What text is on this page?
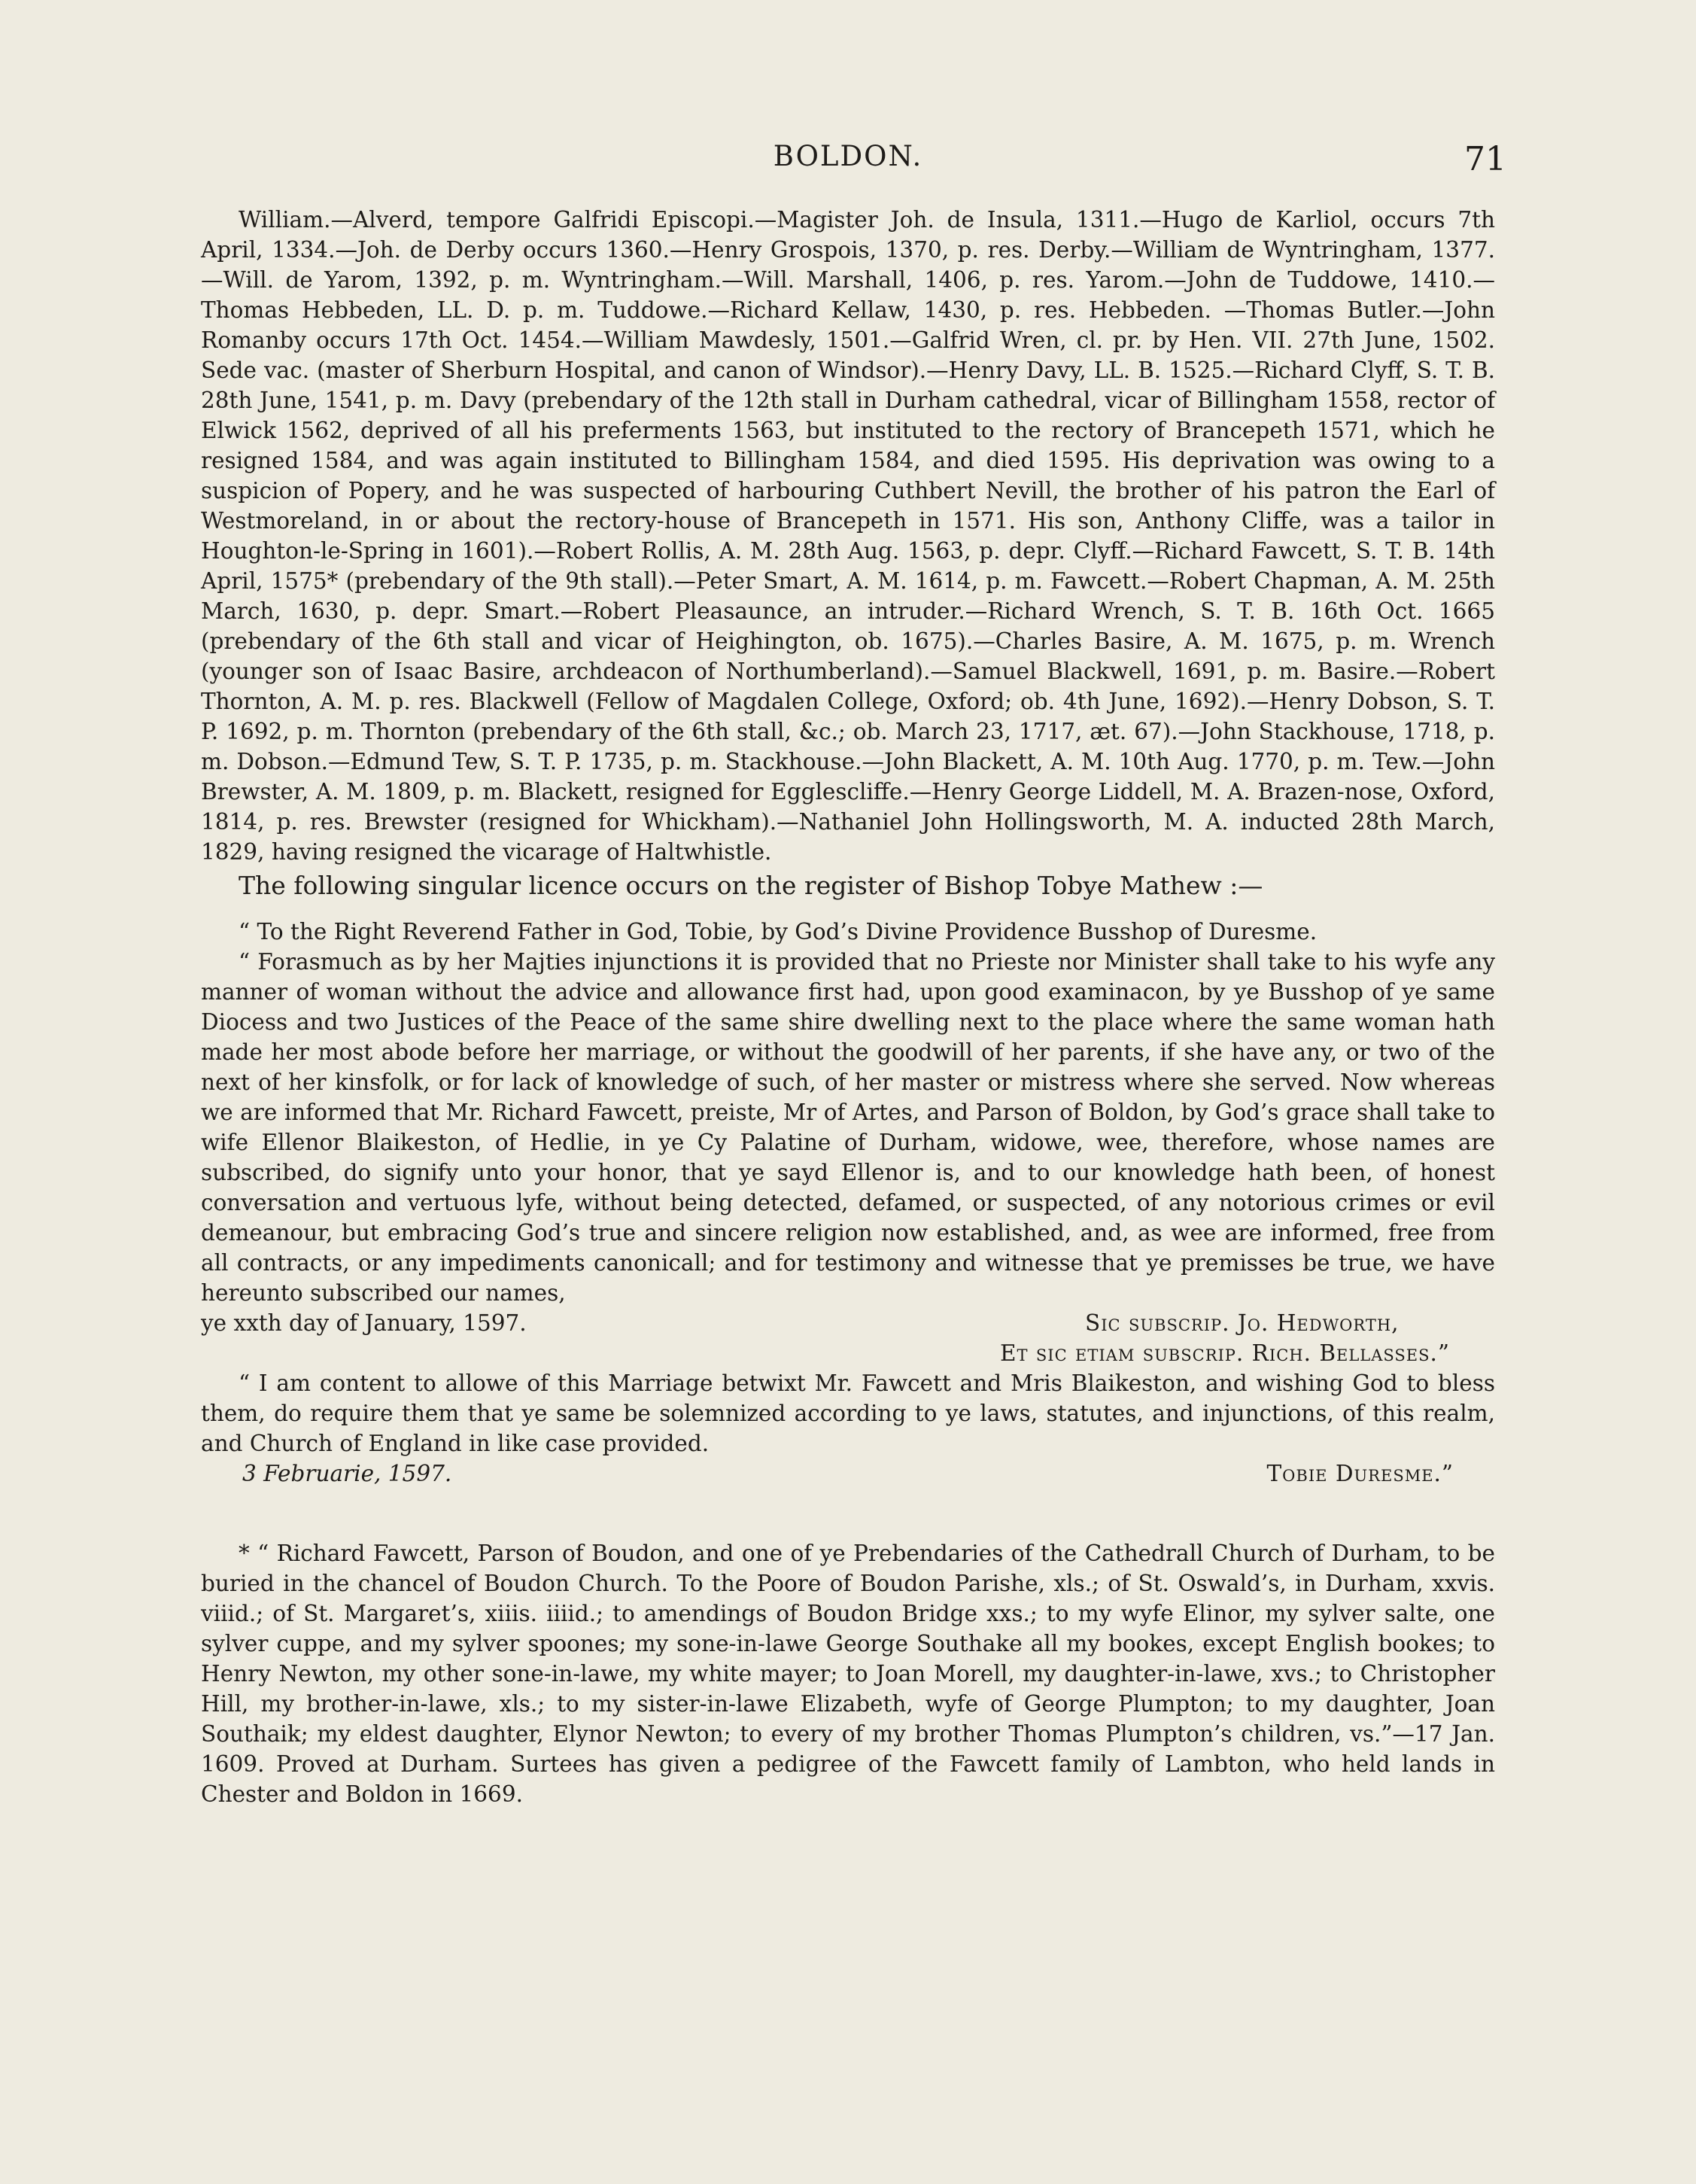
BOLDON.	71

William.—Alverd, tempore Galfridi Episcopi.—Magister Joh. de Insula, 1311.—Hugo de Karliol, occurs 7th April, 1334.—Joh. de Derby occurs 1360.—Henry Grospois, 1370, p. res. Derby.—William de Wyntringham, 1377.—Will. de Yarom, 1392, p. m. Wyntringham.—Will. Marshall, 1406, p. res. Yarom.—John de Tuddowe, 1410.—Thomas Hebbeden, LL. D. p. m. Tuddowe.—Richard Kellaw, 1430, p. res. Hebbeden. —Thomas Butler.—John Romanby occurs 17th Oct. 1454.—William Mawdesly, 1501.—Galfrid Wren, cl. pr. by Hen. VII. 27th June, 1502. Sede vac. (master of Sherburn Hospital, and canon of Windsor).—Henry Davy, LL. B. 1525.—Richard Clyff, S. T. B. 28th June, 1541, p. m. Davy (prebendary of the 12th stall in Durham cathedral, vicar of Billingham 1558, rector of Elwick 1562, deprived of all his preferments 1563, but instituted to the rectory of Brancepeth 1571, which he resigned 1584, and was again instituted to Billingham 1584, and died 1595. His deprivation was owing to a suspicion of Popery, and he was suspected of harbouring Cuthbert Nevill, the brother of his patron the Earl of Westmoreland, in or about the rectory-house of Brancepeth in 1571. His son, Anthony Cliffe, was a tailor in Houghton-le-Spring in 1601).—Robert Rollis, A. M. 28th Aug. 1563, p. depr. Clyff.—Richard Fawcett, S. T. B. 14th April, 1575* (prebendary of the 9th stall).—Peter Smart, A. M. 1614, p. m. Fawcett.—Robert Chapman, A. M. 25th March, 1630, p. depr. Smart.—Robert Pleasaunce, an intruder.—Richard Wrench, S. T. B. 16th Oct. 1665 (prebendary of the 6th stall and vicar of Heighington, ob. 1675).—Charles Basire, A. M. 1675, p. m. Wrench (younger son of Isaac Basire, archdeacon of Northumberland).—Samuel Blackwell, 1691, p. m. Basire.—Robert Thornton, A. M. p. res. Blackwell (Fellow of Magdalen College, Oxford; ob. 4th June, 1692).—Henry Dobson, S. T. P. 1692, p. m. Thornton (prebendary of the 6th stall, &c.; ob. March 23, 1717, æt. 67).—John Stackhouse, 1718, p. m. Dobson.—Edmund Tew, S. T. P. 1735, p. m. Stackhouse.—John Blackett, A. M. 10th Aug. 1770, p. m. Tew.—John Brewster, A. M. 1809, p. m. Blackett, resigned for Egglescliffe.—Henry George Liddell, M. A. Brazen-nose, Oxford, 1814, p. res. Brewster (resigned for Whickham).—Nathaniel John Hollingsworth, M. A. inducted 28th March, 1829, having resigned the vicarage of Haltwhistle.

The following singular licence occurs on the register of Bishop Tobye Mathew :—

“ To the Right Reverend Father in God, Tobie, by God’s Divine Providence Busshop of Duresme.

“ Forasmuch as by her Majties injunctions it is provided that no Prieste nor Minister shall take to his wyfe any manner of woman without the advice and allowance first had, upon good examinacon, by ye Busshop of ye same Diocess and two Justices of the Peace of the same shire dwelling next to the place where the same woman hath made her most abode before her marriage, or without the goodwill of her parents, if she have any, or two of the next of her kinsfolk, or for lack of knowledge of such, of her master or mistress where she served. Now whereas we are informed that Mr. Richard Fawcett, preiste, Mr of Artes, and Parson of Boldon, by God’s grace shall take to wife Ellenor Blaikeston, of Hedlie, in ye Cy Palatine of Durham, widowe, wee, therefore, whose names are subscribed, do signify unto your honor, that ye sayd Ellenor is, and to our knowledge hath been, of honest conversation and vertuous lyfe, without being detected, defamed, or suspected, of any notorious crimes or evil demeanour, but embracing God’s true and sincere religion now established, and, as wee are informed, free from all contracts, or any impediments canonicall; and for testimony and witnesse that ye premisses be true, we have hereunto subscribed our names,

ye xxth day of January, 1597.	Sic subscrip. Jo. Hedworth,
Et sic etiam subscrip. Rich. Bellasses.”

“ I am content to allowe of this Marriage betwixt Mr. Fawcett and Mris Blaikeston, and wishing God to bless them, do require them that ye same be solemnized according to ye laws, statutes, and injunctions, of this realm, and Church of England in like case provided.

3 Februarie, 1597.	Tobie Duresme.”

* “ Richard Fawcett, Parson of Boudon, and one of ye Prebendaries of the Cathedrall Church of Durham, to be buried in the chancel of Boudon Church. To the Poore of Boudon Parishe, xls.; of St. Oswald’s, in Durham, xxvis. viiid.; of St. Margaret’s, xiiis. iiiid.; to amendings of Boudon Bridge xxs.; to my wyfe Elinor, my sylver salte, one sylver cuppe, and my sylver spoones; my sone-in-lawe George Southake all my bookes, except English bookes; to Henry Newton, my other sone-in-lawe, my white mayer; to Joan Morell, my daughter-in-lawe, xvs.; to Christopher Hill, my brother-in-lawe, xls.; to my sister-in-lawe Elizabeth, wyfe of George Plumpton; to my daughter, Joan Southaik; my eldest daughter, Elynor Newton; to every of my brother Thomas Plumpton’s children, vs.”—17 Jan. 1609. Proved at Durham. Surtees has given a pedigree of the Fawcett family of Lambton, who held lands in Chester and Boldon in 1669.
